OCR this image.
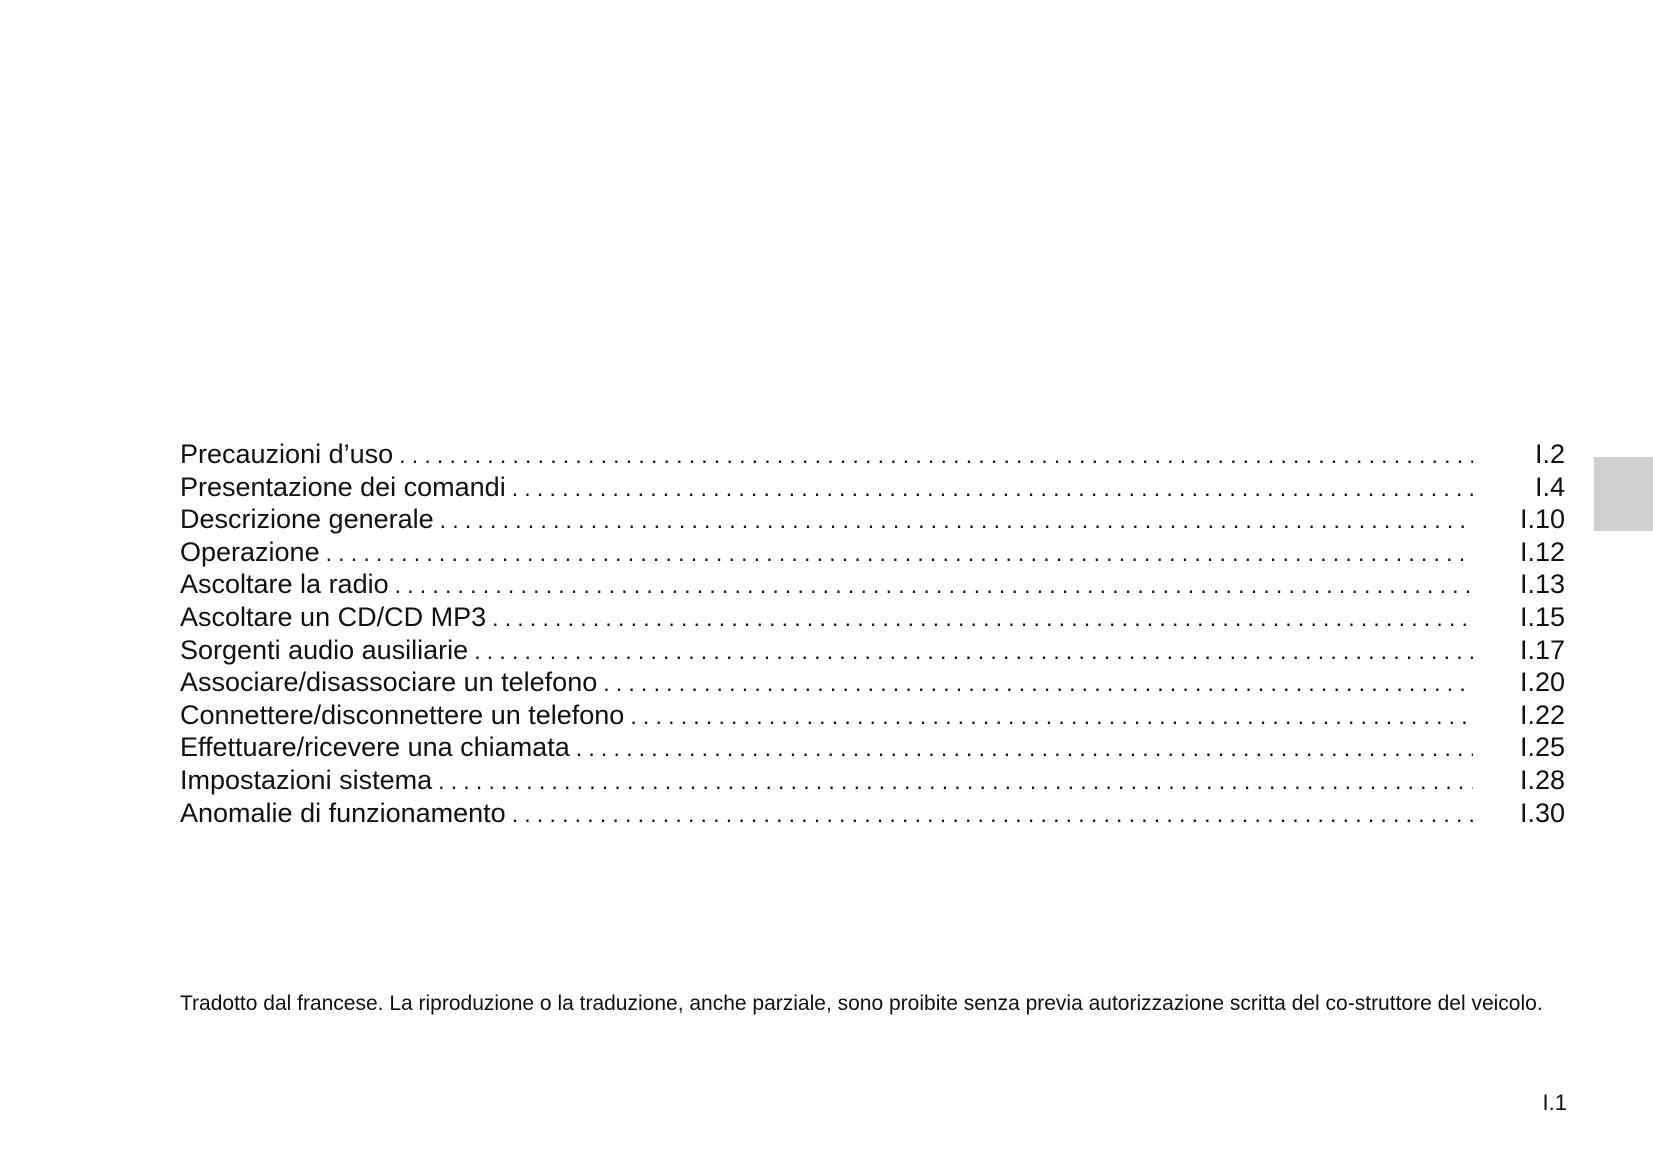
Precauzioni d’uso .....	I.2
Presentazione dei comandi .....	I.4
Descrizione generale .....	I.10
Operazione .....	I.12
Ascoltare la radio .....	I.13
Ascoltare un CD/CD MP3 .....	I.15
Sorgenti audio ausiliarie .....	I.17
Associare/disassociare un telefono .....	I.20
Connettere/disconnettere un telefono .....	I.22
Effettuare/ricevere una chiamata .....	I.25
Impostazioni sistema .....	I.28
Anomalie di funzionamento .....	I.30

Tradotto dal francese. La riproduzione o la traduzione, anche parziale, sono proibite senza previa autorizzazione scritta del co-struttore del veicolo.

I.1
